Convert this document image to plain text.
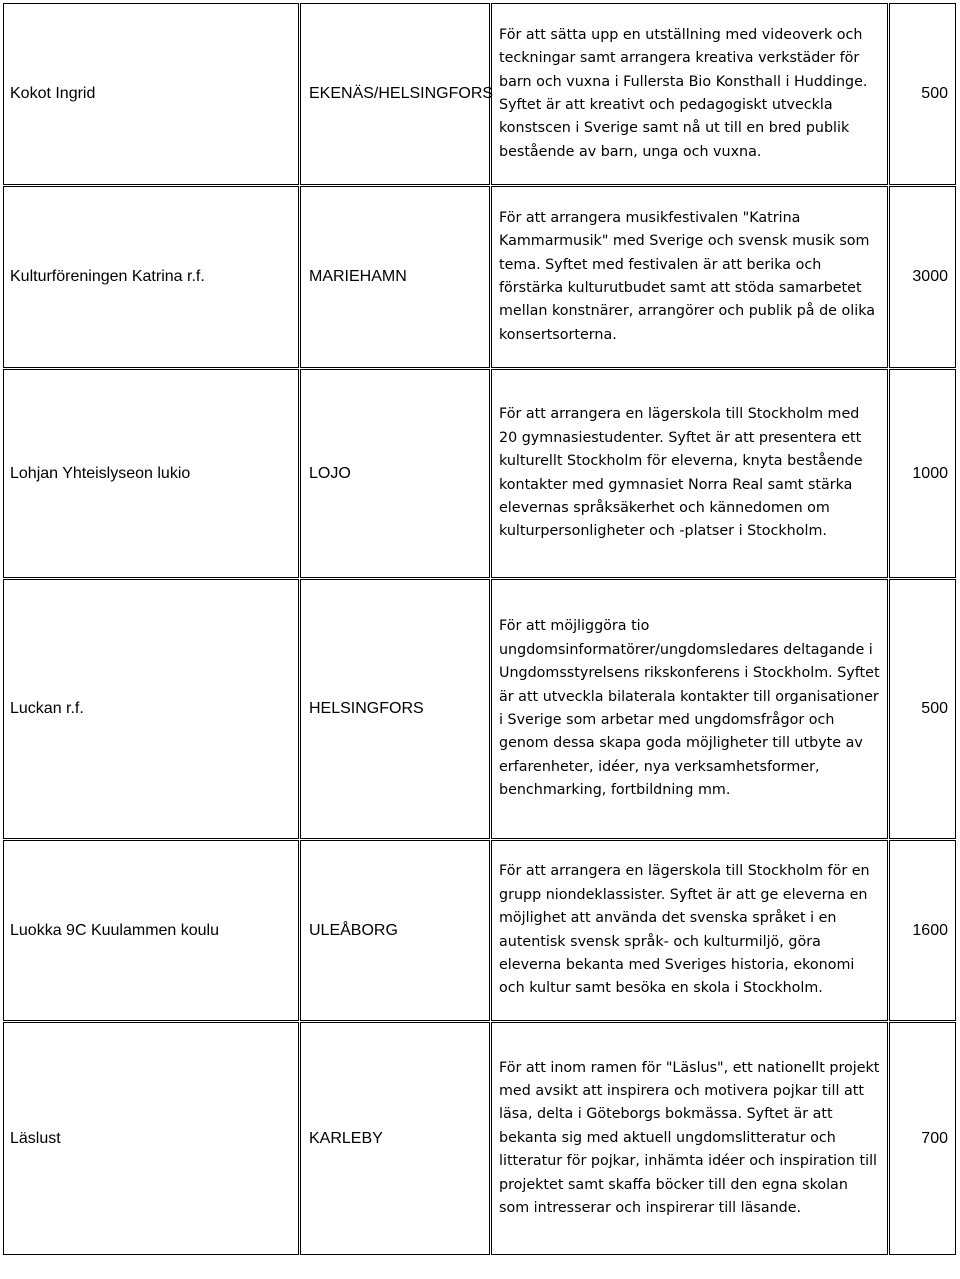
Kokot Ingrid	EKENÄS/HELSINGFORS	För att sätta upp en utställning med videoverk och teckningar samt arrangera kreativa verkstäder för barn och vuxna i Fullersta Bio Konsthall i Huddinge. Syftet är att kreativt och pedagogiskt utveckla konstscen i Sverige samt nå ut till en bred publik bestående av barn, unga och vuxna.	500
Kulturföreningen Katrina r.f.	MARIEHAMN	För att arrangera musikfestivalen "Katrina Kammarmusik" med Sverige och svensk musik som tema. Syftet med festivalen är att berika och förstärka kulturutbudet samt att stöda samarbetet mellan konstnärer, arrangörer och publik på de olika konsertsorterna.	3000
Lohjan Yhteislyseon lukio	LOJO	För att arrangera en lägerskola till Stockholm med 20 gymnasiestudenter. Syftet är att presentera ett kulturellt Stockholm för eleverna, knyta bestående kontakter med gymnasiet Norra Real samt stärka elevernas språksäkerhet och kännedomen om kulturpersonligheter och -platser i Stockholm.	1000
Luckan r.f.	HELSINGFORS	För att möjliggöra tio ungdomsinformatörer/ungdomsledares deltagande i Ungdomsstyrelsens rikskonferens i Stockholm. Syftet är att utveckla bilaterala kontakter till organisationer i Sverige som arbetar med ungdomsfrågor och genom dessa skapa goda möjligheter till utbyte av erfarenheter, idéer, nya verksamhetsformer, benchmarking, fortbildning mm.	500
Luokka 9C Kuulammen koulu	ULEÅBORG	För att arrangera en lägerskola till Stockholm för en grupp niondeklassister. Syftet är att ge eleverna en möjlighet att använda det svenska språket i en autentisk svensk språk- och kulturmiljö, göra eleverna bekanta med Sveriges historia, ekonomi och kultur samt besöka en skola i Stockholm.	1600
Läslust	KARLEBY	För att inom ramen för "Läslus", ett nationellt projekt med avsikt att inspirera och motivera pojkar till att läsa, delta i Göteborgs bokmässa. Syftet är att bekanta sig med aktuell ungdomslitteratur och litteratur för pojkar, inhämta idéer och inspiration till projektet samt skaffa böcker till den egna skolan som intresserar och inspirerar till läsande.	700
